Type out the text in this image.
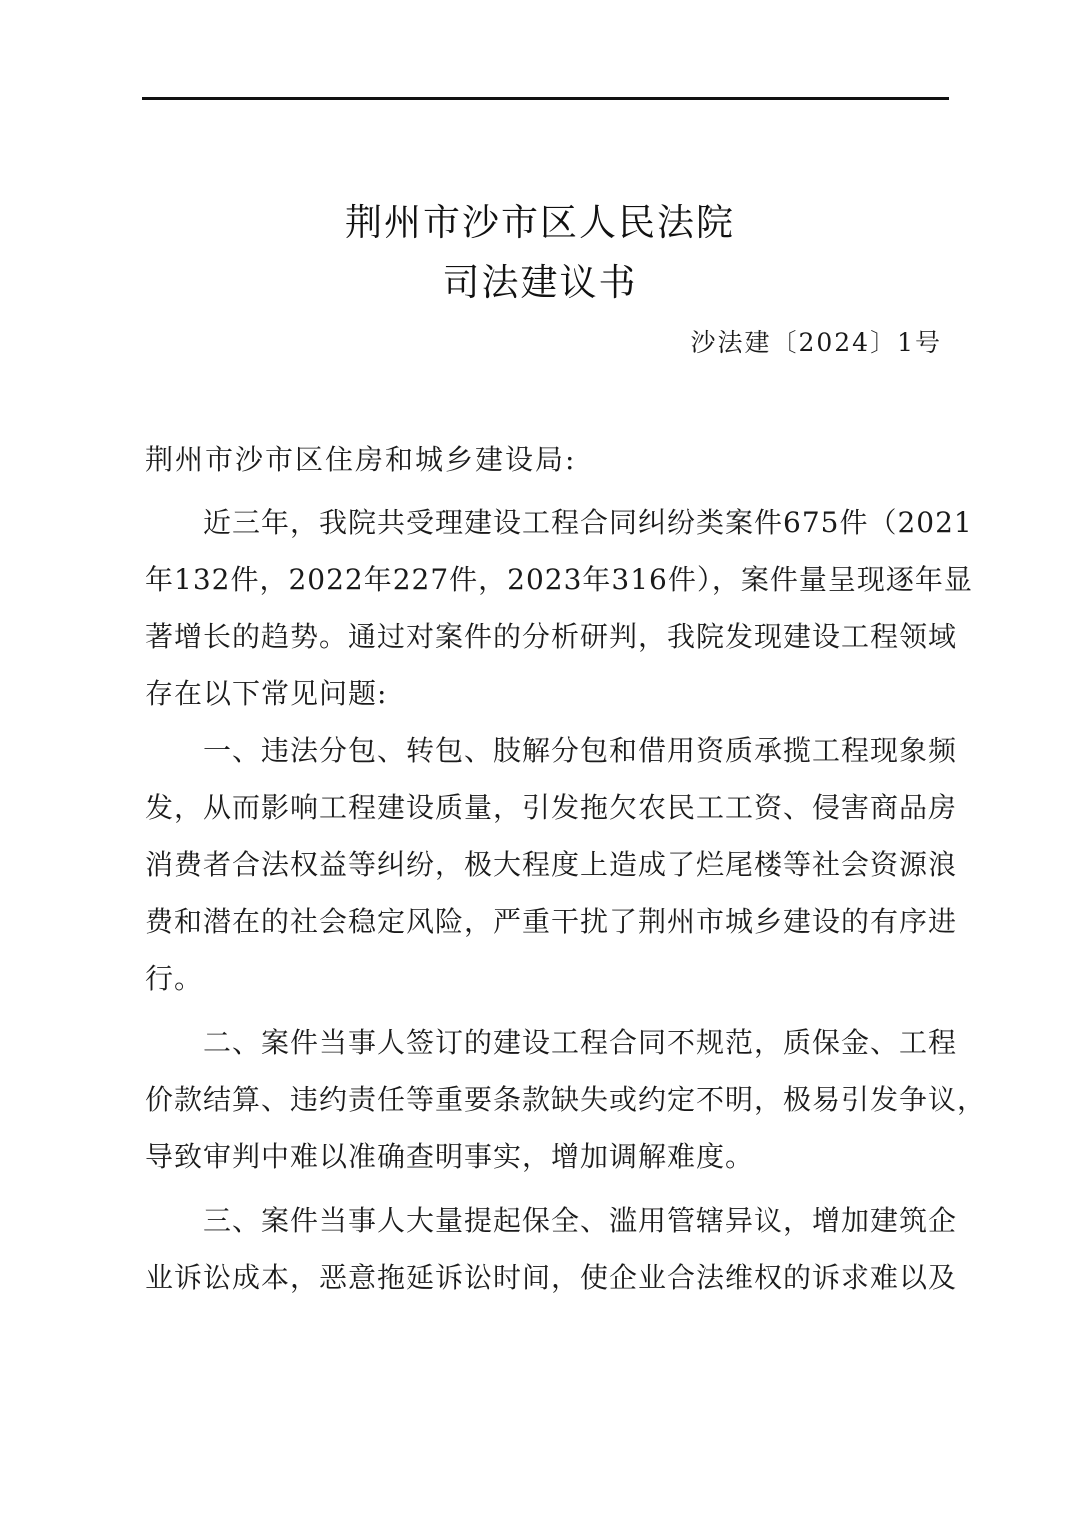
荆州市沙市区人民法院
司法建议书
沙法建〔2024〕1号
荆州市沙市区住房和城乡建设局:
近三年，我院共受理建设工程合同纠纷类案件675件（2021
年132件，2022年227件，2023年316件），案件量呈现逐年显
著增长的趋势。通过对案件的分析研判，我院发现建设工程领域
存在以下常见问题:
一、违法分包、转包、肢解分包和借用资质承揽工程现象频
发，从而影响工程建设质量，引发拖欠农民工工资、侵害商品房
消费者合法权益等纠纷，极大程度上造成了烂尾楼等社会资源浪
费和潜在的社会稳定风险，严重干扰了荆州市城乡建设的有序进
行。
二、案件当事人签订的建设工程合同不规范，质保金、工程
价款结算、违约责任等重要条款缺失或约定不明，极易引发争议，
导致审判中难以准确查明事实，增加调解难度。
三、案件当事人大量提起保全、滥用管辖异议，增加建筑企
业诉讼成本，恶意拖延诉讼时间，使企业合法维权的诉求难以及
